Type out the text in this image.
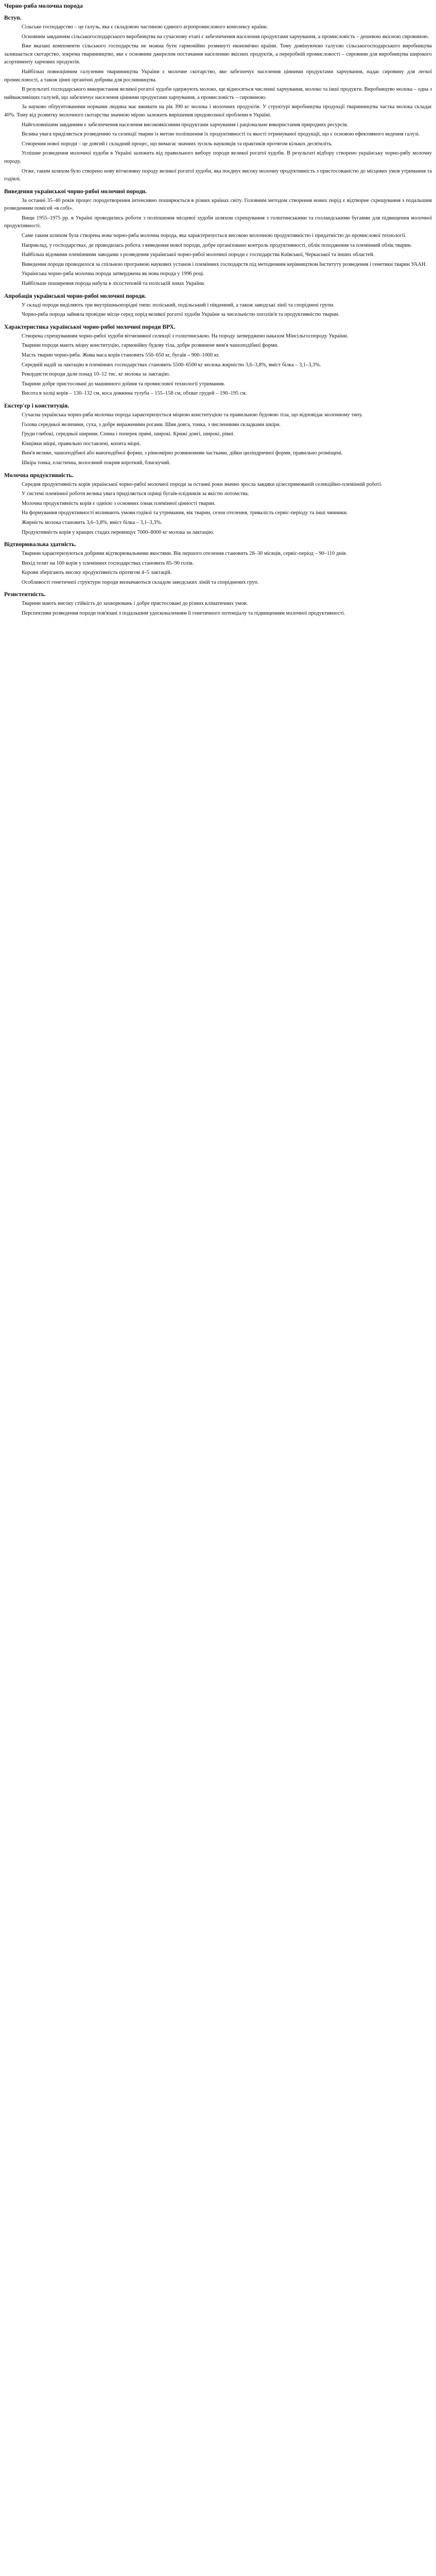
Чорно-ряба молочна порода
Вступ.

Сільське господарство – це галузь, яка є складовою частиною єдиного агропромислового комплексу країни.

Основним завданням сільськогосподарського виробництва на сучасному етапі є забезпечення населення продуктами харчування, а промисловість – дешевою якісною сировиною.

Вже вказані компоненти сільського господарства не можна бути гармонійно розвинуті економічно країни. Тому домінуючою галуззю сільськогосподарського виробництва залишається скотарство, зокрема тваринництво, яке є основним джерелом постачання населенню якісних продуктів, а переробній промисловості – сировини для виробництва широкого асортименту харчових продуктів.

Найбільш повноцінним галузевим тваринництва України є молочне скотарство, яке забезпечує населення цінними продуктами харчування, надає сировину для легкої промисловості, а також цінні органічні добрива для рослинництва.

В результаті господарського використання великої рогатої худоби одержують молоко, ще відносяться численні харчування, молоко та інші продукти. Виробництво молока – одна з найважливіших галузей, що забезпечує населення цінними продуктами харчування, а промисловість – сировиною.

За науково обґрунтованими нормами людина має вживати на рік 390 кг молока і молочних продуктів. У структурі виробництва продукції тваринництва частка молока складає 40%. Тому від розвитку молочного скотарства значною мірою залежить вирішення продовольчої проблеми в Україні.

Найголовнішим завданням є забезпечення населення високоякісними продуктами харчування і раціональне використання природних ресурсів.

Велика увага приділяється розведенню та селекції тварин із метою поліпшення їх продуктивності та якості отримуваної продукції, що є основою ефективного ведення галузі.

Створення нової породи – це довгий і складний процес, що вимагає значних зусиль науковців та практиків протягом кількох десятиліть.

Успішне розведення молочної худоби в Україні залежить від правильного вибору породи великої рогатої худоби. В результаті відбору створено українську чорно-рябу молочну породу.

Отже, таким шляхом було створено нову вітчизняну породу великої рогатої худоби, яка поєднує високу молочну продуктивність з пристосованістю до місцевих умов утримання та годівлі.

Виведення української чорно-рябої молочної породи.

За останні 35–40 років процес породотворення інтенсивно поширюється в різних країнах світу. Головним методом створення нових порід є відтворне схрещування з подальшим розведенням помісей «в собі».

Вище 1955–1975 рр. в Україні проводились роботи з поліпшення місцевої худоби шляхом схрещування з голштинськими та голландськими бугаями для підвищення молочної продуктивності.

Саме таким шляхом була створена нова чорно-ряба молочна порода, яка характеризується високою молочною продуктивністю і придатністю до промислової технології.

Наприклад, у господарствах, де проводилась робота з виведення нової породи, добре організовано контроль продуктивності, облік походження та племінний облік тварин.

Найбільш відомими племінними заводами з розведення української чорно-рябої молочної породи є господарства Київської, Черкаської та інших областей.

Виведення породи проводилося за спільною програмою наукових установ і племінних господарств під методичним керівництвом Інституту розведення і генетики тварин УААН.

Українська чорно-ряба молочна порода затверджена як нова порода у 1996 році.

Найбільше поширення порода набула в лісостеповій та поліській зонах України.

Апробація української чорно-рябої молочної породи.

У складі породи виділяють три внутрішньопорідні типи: поліський, подільський і південний, а також заводські лінії та споріднені групи.

Чорно-ряба порода зайняла провідне місце серед порід великої рогатої худоби України за чисельністю поголів'я та продуктивністю тварин.

Характеристика української чорно-рябої молочної породи ВРХ.

Створена схрещуванням чорно-рябої худоби вітчизняної селекції з голштинською. На породу затверджено наказом Мінсільгосппроду України.

Тварини породи мають міцну конституцію, гармонійну будову тіла, добре розвинене вим'я чашоподібної форми.

Масть тварин чорно-ряба. Жива маса корів становить 550–650 кг, бугаїв – 900–1000 кг.

Середній надій за лактацію в племінних господарствах становить 5500–6500 кг молока жирністю 3,6–3,8%, вміст білка – 3,1–3,3%.

Рекордисти породи дали понад 10–12 тис. кг молока за лактацію.

Тварини добре пристосовані до машинного доїння та промислової технології утримання.

Висота в холці корів – 130–132 см, коса довжина тулуба – 155–158 см, обхват грудей – 190–195 см.

Екстер'єр і конституція.

Сучасна українська чорно-ряба молочна порода характеризується міцною конституцією та правильною будовою тіла, що відповідає молочному типу.

Голова середньої величини, суха, з добре вираженими рогами. Шия довга, тонка, з численними складками шкіри.

Груди глибокі, середньої ширини. Спина і поперек прямі, широкі. Крижі довгі, широкі, рівні.

Кінцівки міцні, правильно поставлені, копита міцні.

Вим'я велике, чашоподібної або ваноподібної форми, з рівномірно розвиненими частками, дійки циліндричної форми, правильно розміщені.

Шкіра тонка, еластична, волосяний покрив короткий, блискучий.

Молочна продуктивність.

Середня продуктивність корів української чорно-рябої молочної породи за останні роки значно зросла завдяки цілеспрямованій селекційно-племінній роботі.

У системі племінної роботи велика увага приділяється оцінці бугаїв-плідників за якістю потомства.

Молочна продуктивність корів є однією з основних ознак племінної цінності тварин.

На формування продуктивності впливають умови годівлі та утримання, вік тварин, сезон отелення, тривалість сервіс-періоду та інші чинники.

Жирність молока становить 3,6–3,8%, вміст білка – 3,1–3,3%.

Продуктивність корів у кращих стадах перевищує 7000–8000 кг молока за лактацію.

Відтворювальна здатність.

Тварини характеризуються добрими відтворювальними якостями. Вік першого отелення становить 28–30 місяців, сервіс-період – 90–110 днів.

Вихід телят на 100 корів у племінних господарствах становить 85–90 голів.

Корови зберігають високу продуктивність протягом 4–5 лактацій.

Особливості генетичної структури породи визначаються складом заводських ліній та споріднених груп.

Резистентність.

Тварини мають високу стійкість до захворювань і добре пристосовані до різних кліматичних умов.

Перспективи розведення породи пов'язані з подальшим удосконаленням її генетичного потенціалу та підвищенням молочної продуктивності.
